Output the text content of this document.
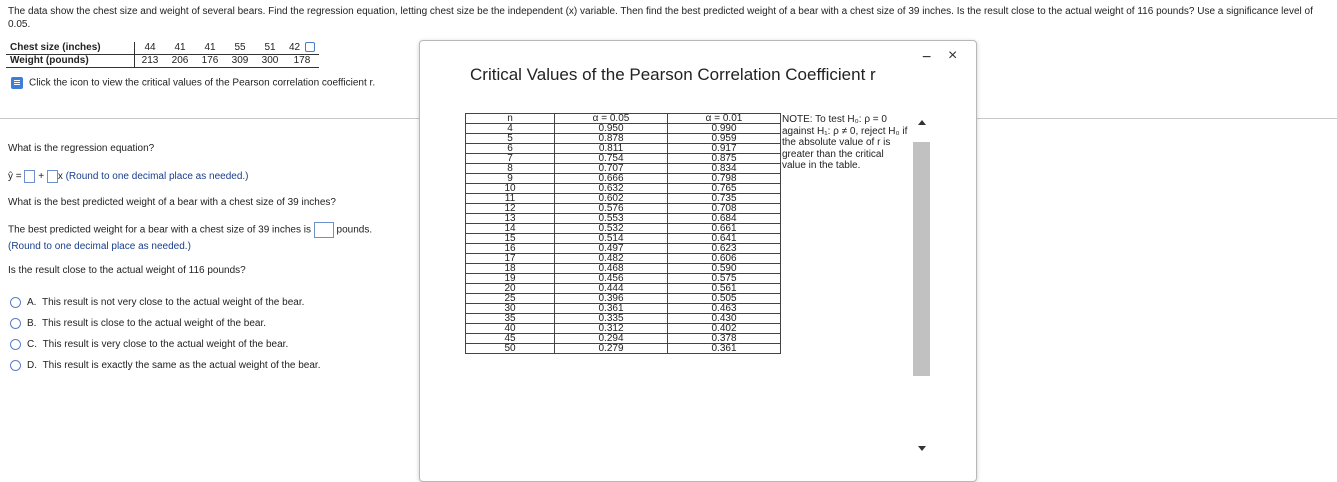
The data show the chest size and weight of several bears. Find the regression equation, letting chest size be the independent (x) variable. Then find the best predicted weight of a bear with a chest size of 39 inches. Is the result close to the actual weight of 116 pounds? Use a significance level of 0.05.
Chest size (inches)	44	41	41	55	51	42
Weight (pounds)	213	206	176	309	300	178
Click the icon to view the critical values of the Pearson correlation coefficient r.
What is the regression equation?
ŷ = + x (Round to one decimal place as needed.)
What is the best predicted weight of a bear with a chest size of 39 inches?
The best predicted weight for a bear with a chest size of 39 inches is	pounds.
(Round to one decimal place as needed.)
Is the result close to the actual weight of 116 pounds?
A. This result is not very close to the actual weight of the bear.
B. This result is close to the actual weight of the bear.
C. This result is very close to the actual weight of the bear.
D. This result is exactly the same as the actual weight of the bear.
Critical Values of the Pearson Correlation Coefficient r
− ×
n	α = 0.05	α = 0.01
4	0.950	0.990
5	0.878	0.959
6	0.811	0.917
7	0.754	0.875
8	0.707	0.834
9	0.666	0.798
10	0.632	0.765
11	0.602	0.735
12	0.576	0.708
13	0.553	0.684
14	0.532	0.661
15	0.514	0.641
16	0.497	0.623
17	0.482	0.606
18	0.468	0.590
19	0.456	0.575
20	0.444	0.561
25	0.396	0.505
30	0.361	0.463
35	0.335	0.430
40	0.312	0.402
45	0.294	0.378
50	0.279	0.361
NOTE: To test H₀: ρ = 0 against H₁: ρ ≠ 0, reject H₀ if the absolute value of r is greater than the critical value in the table.
